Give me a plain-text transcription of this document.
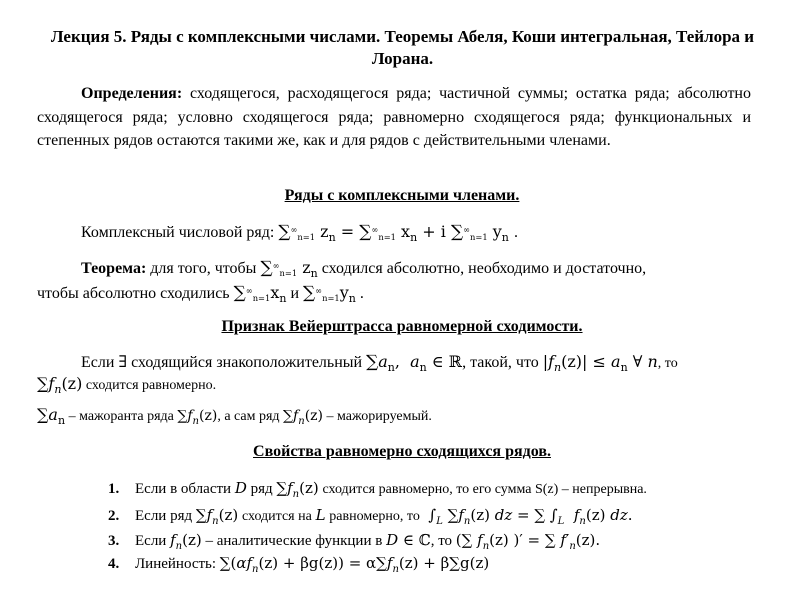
Лекция 5. Ряды с комплексными числами. Теоремы Абеля, Коши интегральная, Тейлора и Лорана.
Определения: сходящегося, расходящегося ряда; частичной суммы; остатка ряда; абсолютно сходящегося ряда; условно сходящегося ряда; равномерно сходящегося ряда; функциональных и степенных рядов остаются такими же, как и для рядов с действительными членами.
Ряды с комплексными членами.
Комплексный числовой ряд: $\sum^\infty_{n=1}$ $z_n = \sum^\infty_{n=1}$ $x_n + i$ $\sum^\infty_{n=1}$ $y_n$ .
Теорема: для того, чтобы $\sum^\infty_{n=1}$ $z_n$ сходился абсолютно, необходимо и достаточно,
чтобы абсолютно сходились $\sum^\infty_{n=1}x_n$ и $\sum^\infty_{n=1}y_n$ .
Признак Вейерштрасса равномерной сходимости.
Если ∃ сходящийся знакоположительный $\sum a_n$,  $a_n$ ∈ ℝ, такой, что $|f_n(z)| \le a_n$ ∀ n, то
$\sum f_n(z)$ сходится равномерно.
$\sum a_n$ – мажоранта ряда $\sum f_n(z)$, а сам ряд $\sum f_n(z)$ – мажорируемый.
Свойства равномерно сходящихся рядов.
1. Если в области D ряд $\sum f_n(z)$ сходится равномерно, то его сумма S(z) – непрерывна.
2. Если ряд $\sum f_n(z)$ сходится на L равномерно, то  $\int_L$ $\sum f_n(z)$ dz = ∑ $\int_L$ $f_n(z)$ dz.
3. Если $f_n(z)$ – аналитические функции в D ∈ ℂ, то (∑ $f_n(z)$ )′ = ∑ $f'_n(z)$.
4. Линейность: $\sum(\alpha f_n(z) + \beta g(z)) = \alpha\sum f_n(z) + \beta\sum g(z)$
